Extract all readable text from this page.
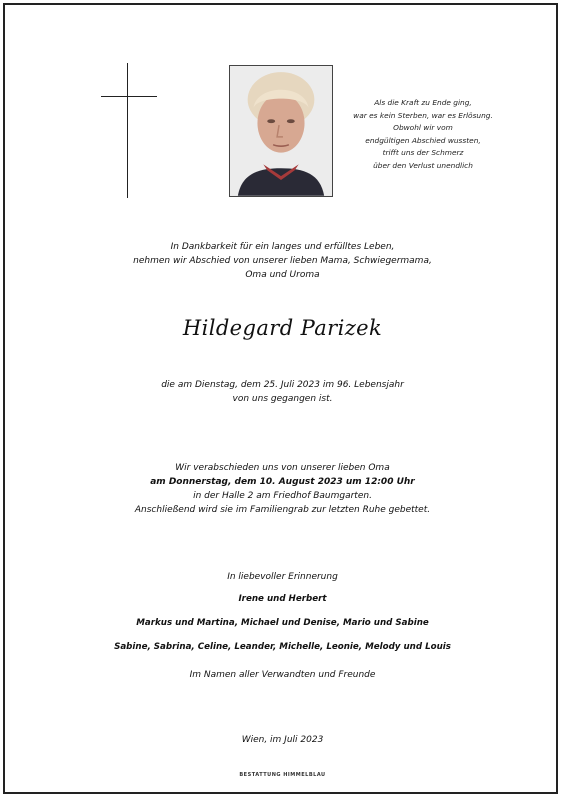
Als die Kraft zu Ende ging,
war es kein Sterben, war es Erlösung.
Obwohl wir vom
endgültigen Abschied wussten,
trifft uns der Schmerz
über den Verlust unendlich
In Dankbarkeit für ein langes und erfülltes Leben,
nehmen wir Abschied von unserer lieben Mama, Schwiegermama,
Oma und Uroma
Hildegard Parizek
die am Dienstag, dem 25. Juli 2023 im 96. Lebensjahr
von uns gegangen ist.
Wir verabschieden uns von unserer lieben Oma
am Donnerstag, dem 10. August 2023 um 12:00 Uhr
in der Halle 2 am Friedhof Baumgarten.
Anschließend wird sie im Familiengrab zur letzten Ruhe gebettet.
In liebevoller Erinnerung
Irene und Herbert
Markus und Martina, Michael und Denise, Mario und Sabine
Sabine, Sabrina, Celine, Leander, Michelle, Leonie, Melody und Louis
Im Namen aller Verwandten und Freunde
Wien, im Juli 2023
BESTATTUNG HIMMELBLAU
